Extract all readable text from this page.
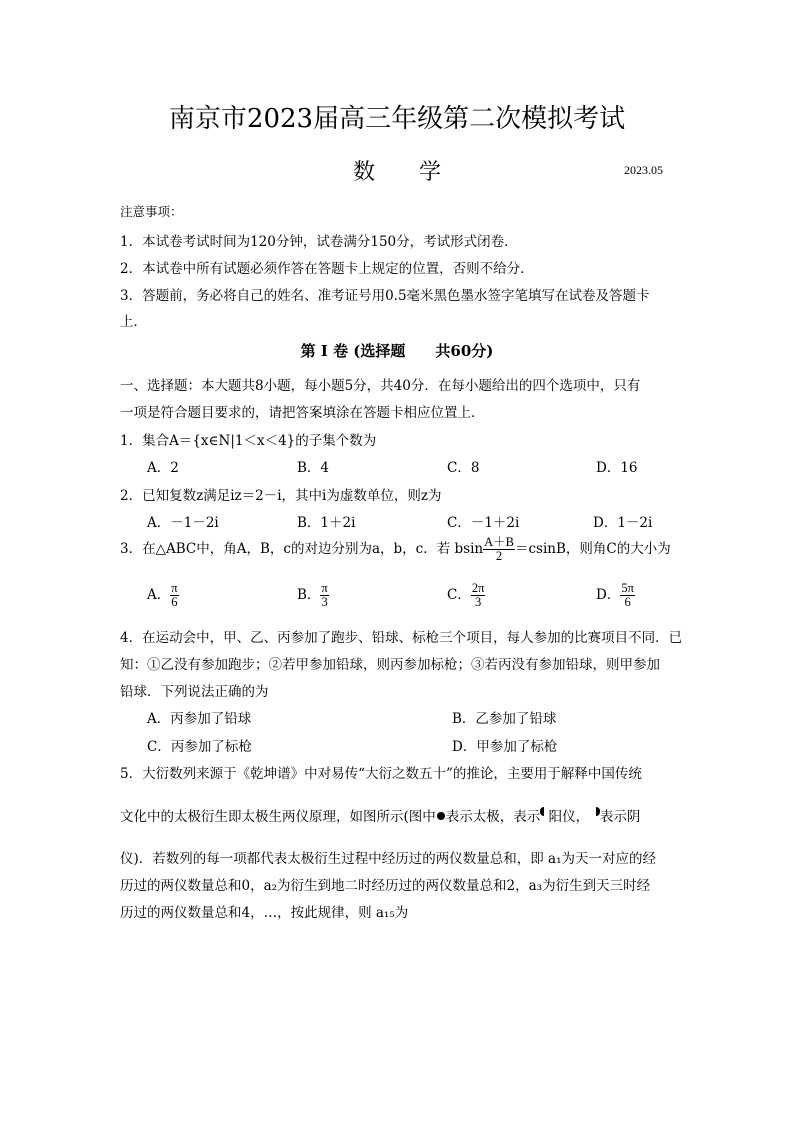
南京市2023届高三年级第二次模拟考试
数　　学	2023.05
注意事项：
1．本试卷考试时间为120分钟，试卷满分150分，考试形式闭卷．
2．本试卷中所有试题必须作答在答题卡上规定的位置，否则不给分．
3．答题前，务必将自己的姓名、准考证号用0.5毫米黑色墨水签字笔填写在试卷及答题卡
上．
第 Ⅰ 卷 (选择题　　共60分)
一、选择题：本大题共8小题，每小题5分，共40分．在每小题给出的四个选项中，只有
一项是符合题目要求的，请把答案填涂在答题卡相应位置上．
1．集合A＝{x∈N|1＜x＜4}的子集个数为
A．2	B．4	C．8	D．16
2．已知复数z满足iz＝2－i，其中i为虚数单位，则z为
A．－1－2i	B．1＋2i	C．－1＋2i	D．1－2i
3．在△ABC中，角A，B，c的对边分别为a，b，c．若 bsin $\frac{A+B}{2} =csinB$，则角C的大小为
A． $\frac{\pi}{6}$	B． $\frac{\pi}{3}$	C． $\frac{2\pi}{3}$	D． $\frac{5\pi}{6}$
4．在运动会中，甲、乙、丙参加了跑步、铅球、标枪三个项目，每人参加的比赛项目不同．已
知：①乙没有参加跑步；②若甲参加铅球，则丙参加标枪；③若丙没有参加铅球，则甲参加
铅球．下列说法正确的为
A．丙参加了铅球	B．乙参加了铅球
C．丙参加了标枪	D．甲参加了标枪
5．大衍数列来源于《乾坤谱》中对易传“大衍之数五十”的推论，主要用于解释中国传统
文化中的太极衍生即太极生两仪原理，如图所示(图中 表示太极，表示 阳仪，　 表示阴
仪)．若数列的每一项都代表太极衍生过程中经历过的两仪数量总和，即 a₁为天一对应的经
历过的两仪数量总和0，a₂为衍生到地二时经历过的两仪数量总和2，a₃为衍生到天三时经
历过的两仪数量总和4，…，按此规律，则 a₁₅为
